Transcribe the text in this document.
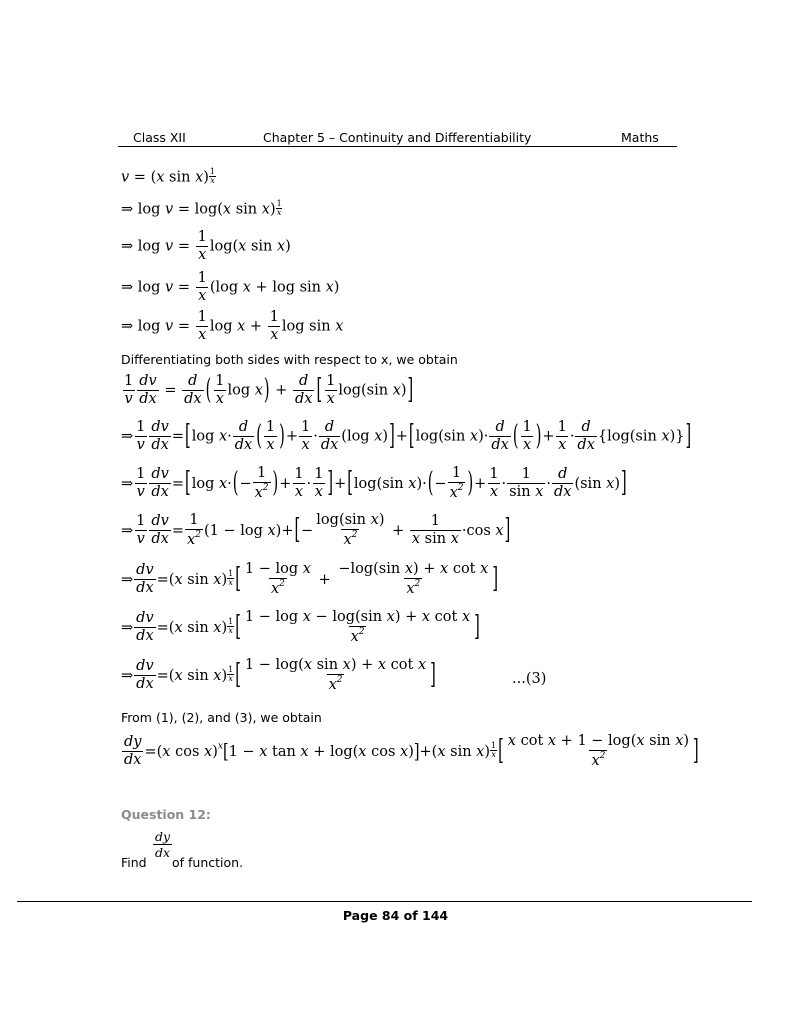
Class XII	Chapter 5 – Continuity and Differentiability	Maths
v = (x $\sin x) \frac{1}{x}$
⇒ log v = log(x $\sin x) \frac{1}{x}$
⇒ $\log v = \frac{1}{x} \log(x$ sin x)
⇒ $\log v = \frac{1}{x} (\log$ x + log sin x)
⇒ $\log v = \frac{1}{x}$ $\log x + \frac{1}{x}$ log sin x
Differentiating both sides with respect to x, we obtain
$\frac{1}{v} \frac{dv}{dx} = \frac{d}{dx}$ ( $\frac{1}{x}$ $\log x) + \frac{d}{dx}$ [ $\frac{1}{x} \log(\sin$ x)]
⇒ $\frac{1}{v} \frac{dv}{dx} =[\log$ $x\cdot \frac{d}{dx}$ ( $\frac{1}{x}$ )+ $\frac{1}{x} \cdot \frac{d}{dx} (\log$ x)]+[log(sin $x)\cdot \frac{d}{dx}$ ( $\frac{1}{x}$ )+ $\frac{1}{x} \cdot \frac{d}{dx} \{\log(\sin$ x)}]
⇒ $\frac{1}{v} \frac{dv}{dx} =[\log$ $x\cdot(- \frac{1}{x^2}$ )+ $\frac{1}{x} \cdot \frac{1}{x} ]+[\log(\sin$ $x)\cdot(- \frac{1}{x^2}$ )+ $\frac{1}{x} \cdot \frac{1}{\text{sin x}} \cdot \frac{d}{dx} (\sin$ x)]
⇒ $\frac{1}{v} \frac{dv}{dx} = \frac{1}{x^2} (1 - \log x)+[- \frac{\text{log(sin x)}}{x^2} + \frac{1}{\text{x sin x}} \cdot\cos$ x]
⇒ $\frac{dv}{dx} =(x$ $\sin x) \frac{1}{x}$ [ $\frac{\text{1 − log x}}{x^2} + \frac{\text{−log(sin x) + x cot x}}{x^2}$ ]
⇒ $\frac{dv}{dx} =(x$ $\sin x) \frac{1}{x}$ [ $\frac{\text{1 − log x − log(sin x) + x cot x}}{x^2}$ ]
⇒ $\frac{dv}{dx} =(x$ $\sin x) \frac{1}{x}$ [ $\frac{\text{1 − log(x sin x) + x cot x}}{x^2}$ ]	...(3)
From (1), (2), and (3), we obtain
$\frac{dy}{dx} =(x$ cos x)$^x$[1 − x tan x + log(x cos x)]+(x $\sin x) \frac{1}{x}$ [ $\frac{\text{x cot x + 1 − log(x sin x)}}{x^2}$ ]
Question 12:
Find
$\frac{dy}{dx}$
of function.
Page 84 of 144
